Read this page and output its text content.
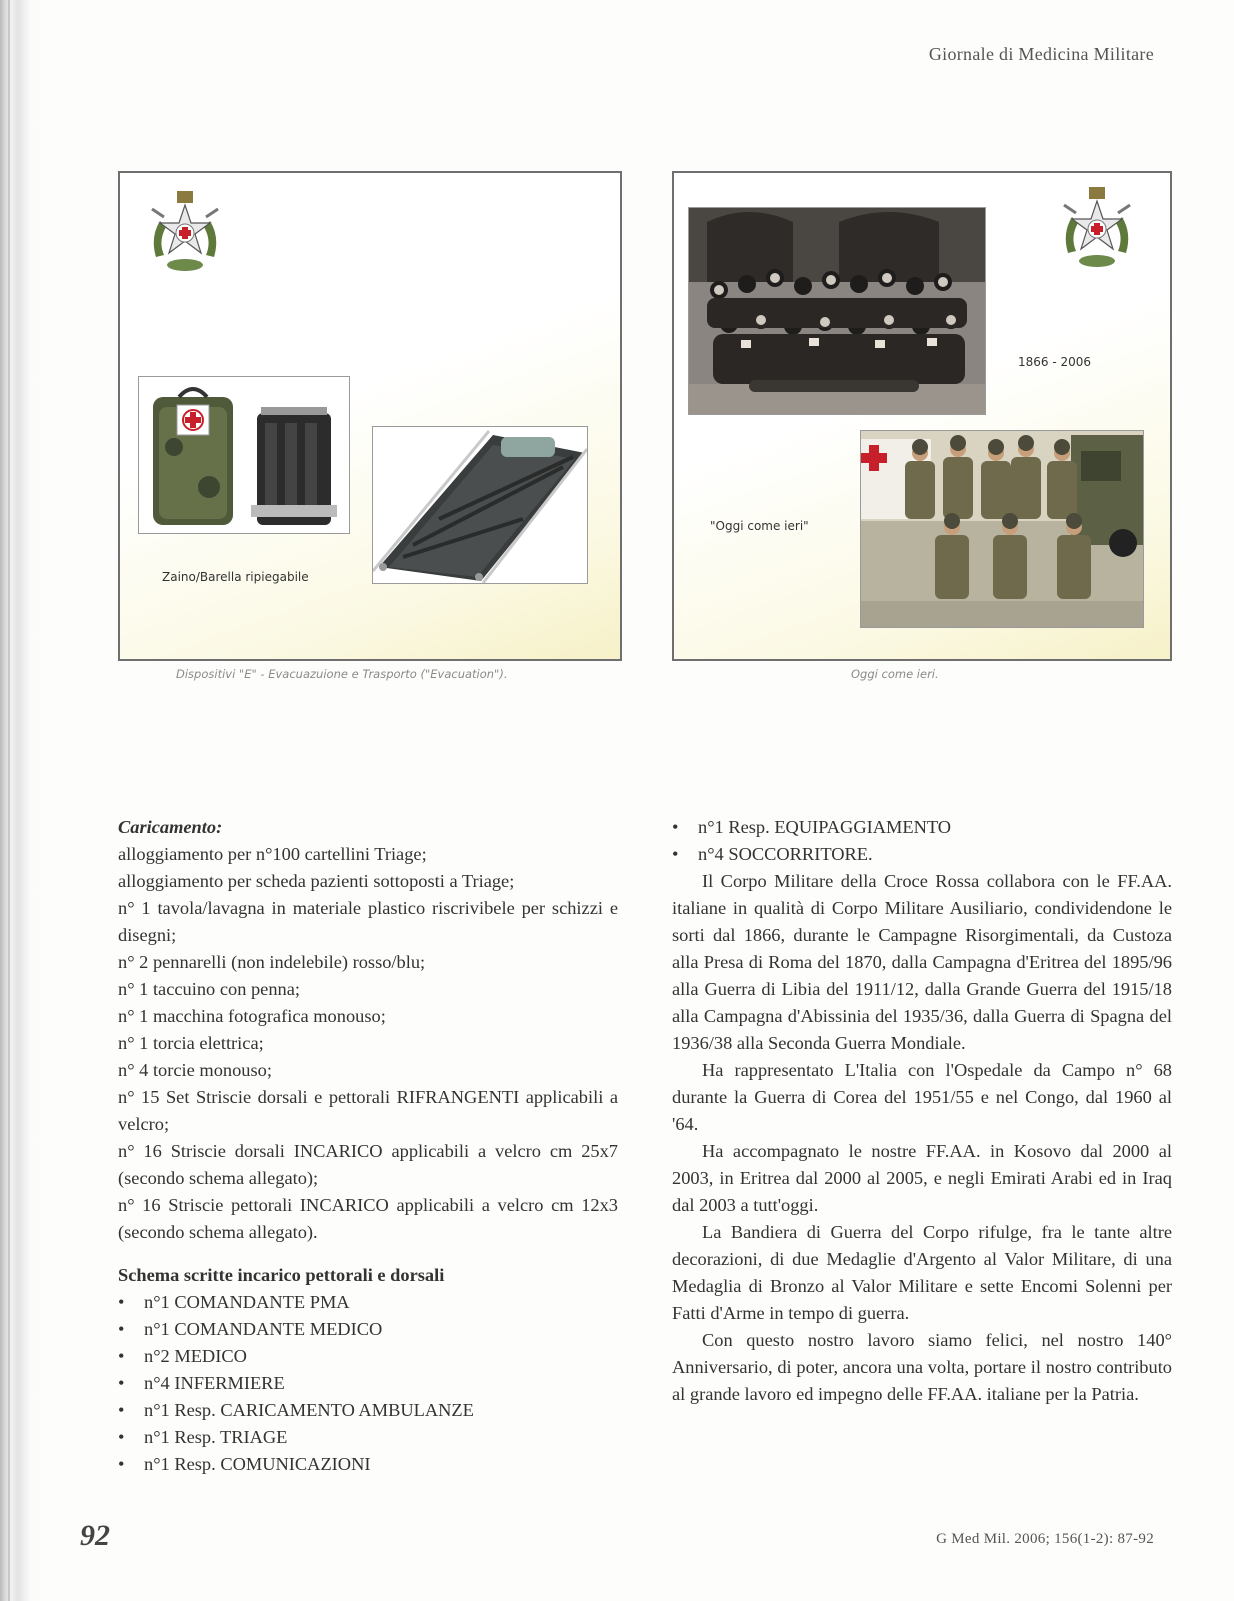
Giornale di Medicina Militare
Zaino/Barella ripiegabile
Dispositivi "E" - Evacuazuione e Trasporto ("Evacuation").
1866 - 2006
"Oggi come ieri"
Oggi come ieri.

Caricamento:

alloggiamento per n°100 cartellini Triage;

alloggiamento per scheda pazienti sottoposti a Triage;

n° 1 tavola/lavagna in materiale plastico riscrivibele per schizzi e disegni;

n° 2 pennarelli (non indelebile) rosso/blu;

n° 1 taccuino con penna;

n° 1 macchina fotografica monouso;

n° 1 torcia elettrica;

n° 4 torcie monouso;

n° 15 Set Striscie dorsali e pettorali RIFRANGENTI applicabili a velcro;

n° 16 Striscie dorsali INCARICO applicabili a velcro cm 25x7 (secondo schema allegato);

n° 16 Striscie pettorali INCARICO applicabili a velcro cm 12x3 (secondo schema allegato).

Schema scritte incarico pettorali e dorsali

• n°1 COMANDANTE PMA
• n°1 COMANDANTE MEDICO
• n°2 MEDICO
• n°4 INFERMIERE
• n°1 Resp. CARICAMENTO AMBULANZE
• n°1 Resp. TRIAGE
• n°1 Resp. COMUNICAZIONI
• n°1 Resp. EQUIPAGGIAMENTO
• n°4 SOCCORRITORE.

Il Corpo Militare della Croce Rossa collabora con le FF.AA. italiane in qualità di Corpo Militare Ausiliario, condividendone le sorti dal 1866, durante le Campagne Risorgimentali, da Custoza alla Presa di Roma del 1870, dalla Campagna d'Eritrea del 1895/96 alla Guerra di Libia del 1911/12, dalla Grande Guerra del 1915/18 alla Campagna d'Abissinia del 1935/36, dalla Guerra di Spagna del 1936/38 alla Seconda Guerra Mondiale.

Ha rappresentato L'Italia con l'Ospedale da Campo n° 68 durante la Guerra di Corea del 1951/55 e nel Congo, dal 1960 al '64.

Ha accompagnato le nostre FF.AA. in Kosovo dal 2000 al 2003, in Eritrea dal 2000 al 2005, e negli Emirati Arabi ed in Iraq dal 2003 a tutt'oggi.

La Bandiera di Guerra del Corpo rifulge, fra le tante altre decorazioni, di due Medaglie d'Argento al Valor Militare, di una Medaglia di Bronzo al Valor Militare e sette Encomi Solenni per Fatti d'Arme in tempo di guerra.

Con questo nostro lavoro siamo felici, nel nostro 140° Anniversario, di poter, ancora una volta, portare il nostro contributo al grande lavoro ed impegno delle FF.AA. italiane per la Patria.

92	G Med Mil. 2006; 156(1-2): 87-92
